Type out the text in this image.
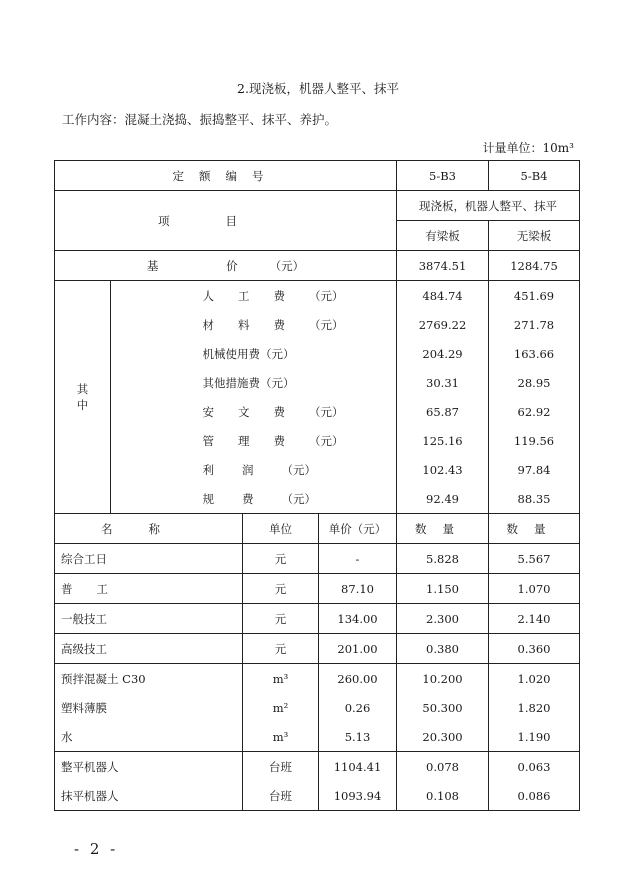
2.现浇板，机器人整平、抹平
工作内容：混凝土浇捣、振捣整平、抹平、养护。
计量单位：10m³
定额编号				5-B3	5-B4
项目				现浇板，机器人整平、抹平	
				有梁板	无梁板
基 价（元）				3874.51	1284.75

其
中		人工费（元）		484.74	451.69
		材料费（元）		2769.22	271.78
		机械使用费（元）		204.29	163.66
		其他措施费（元）		30.31	28.95
		安文费（元）		65.87	62.92
		管理费（元）		125.16	119.56
		利润（元）		102.43	97.84
		规费（元）		92.49	88.35
名称		单位	单价（元）	数量	数量
综合工日		元	-	5.828	5.567
普工		元	87.10	1.150	1.070
一般技工		元	134.00	2.300	2.140
高级技工		元	201.00	0.380	0.360
预拌混凝土 C30		m³	260.00	10.200	1.020
塑料薄膜		m²	0.26	50.300	1.820
水		m³	5.13	20.300	1.190
整平机器人		台班	1104.41	0.078	0.063
抹平机器人		台班	1093.94	0.108	0.086
- 2 -
